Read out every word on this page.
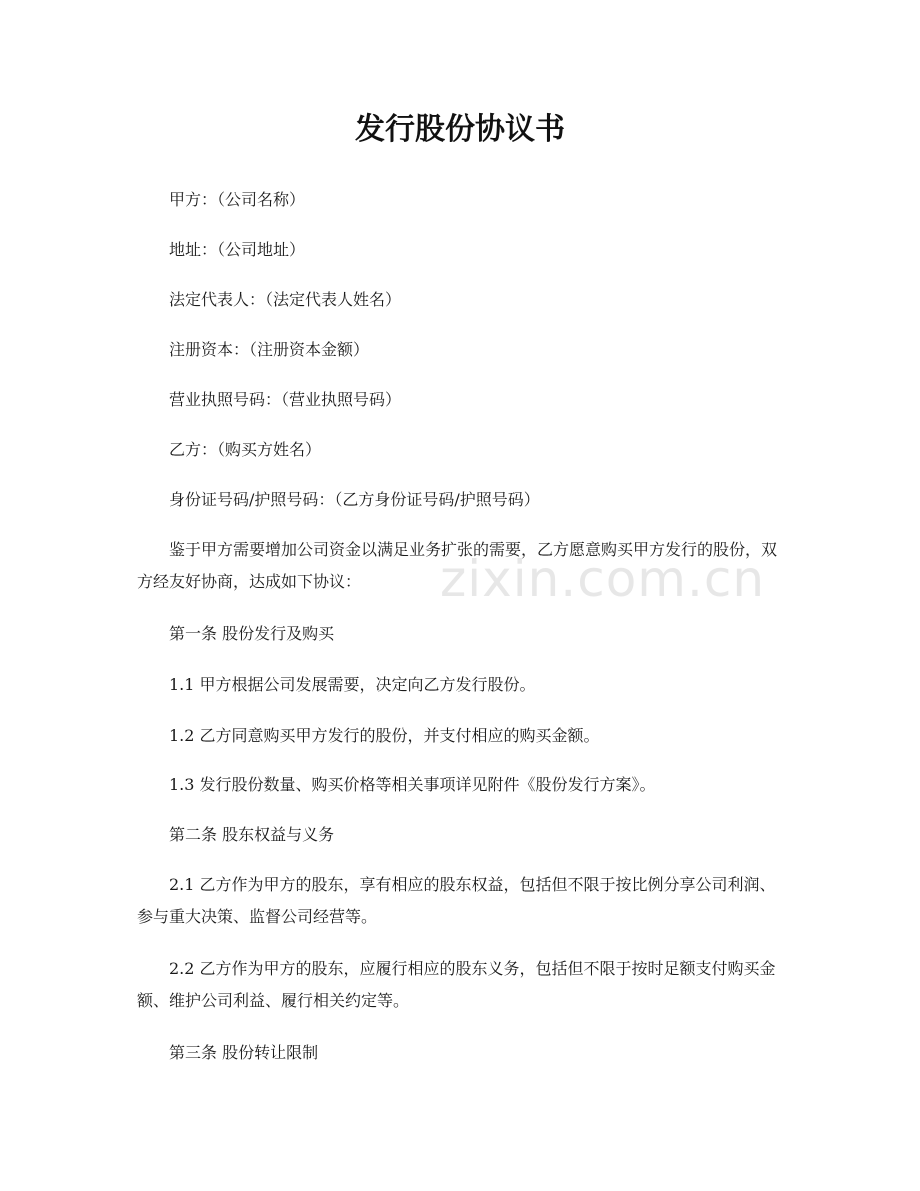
发行股份协议书
甲方：（公司名称）
地址：（公司地址）
法定代表人：（法定代表人姓名）
注册资本：（注册资本金额）
营业执照号码：（营业执照号码）
乙方：（购买方姓名）
身份证号码/护照号码：（乙方身份证号码/护照号码）
鉴于甲方需要增加公司资金以满足业务扩张的需要，乙方愿意购买甲方发行的股份，双方经友好协商，达成如下协议：
第一条 股份发行及购买
1.1 甲方根据公司发展需要，决定向乙方发行股份。
1.2 乙方同意购买甲方发行的股份，并支付相应的购买金额。
1.3 发行股份数量、购买价格等相关事项详见附件《股份发行方案》。
第二条 股东权益与义务
2.1 乙方作为甲方的股东，享有相应的股东权益，包括但不限于按比例分享公司利润、参与重大决策、监督公司经营等。
2.2 乙方作为甲方的股东，应履行相应的股东义务，包括但不限于按时足额支付购买金额、维护公司利益、履行相关约定等。
第三条 股份转让限制
zixin.com.cn
